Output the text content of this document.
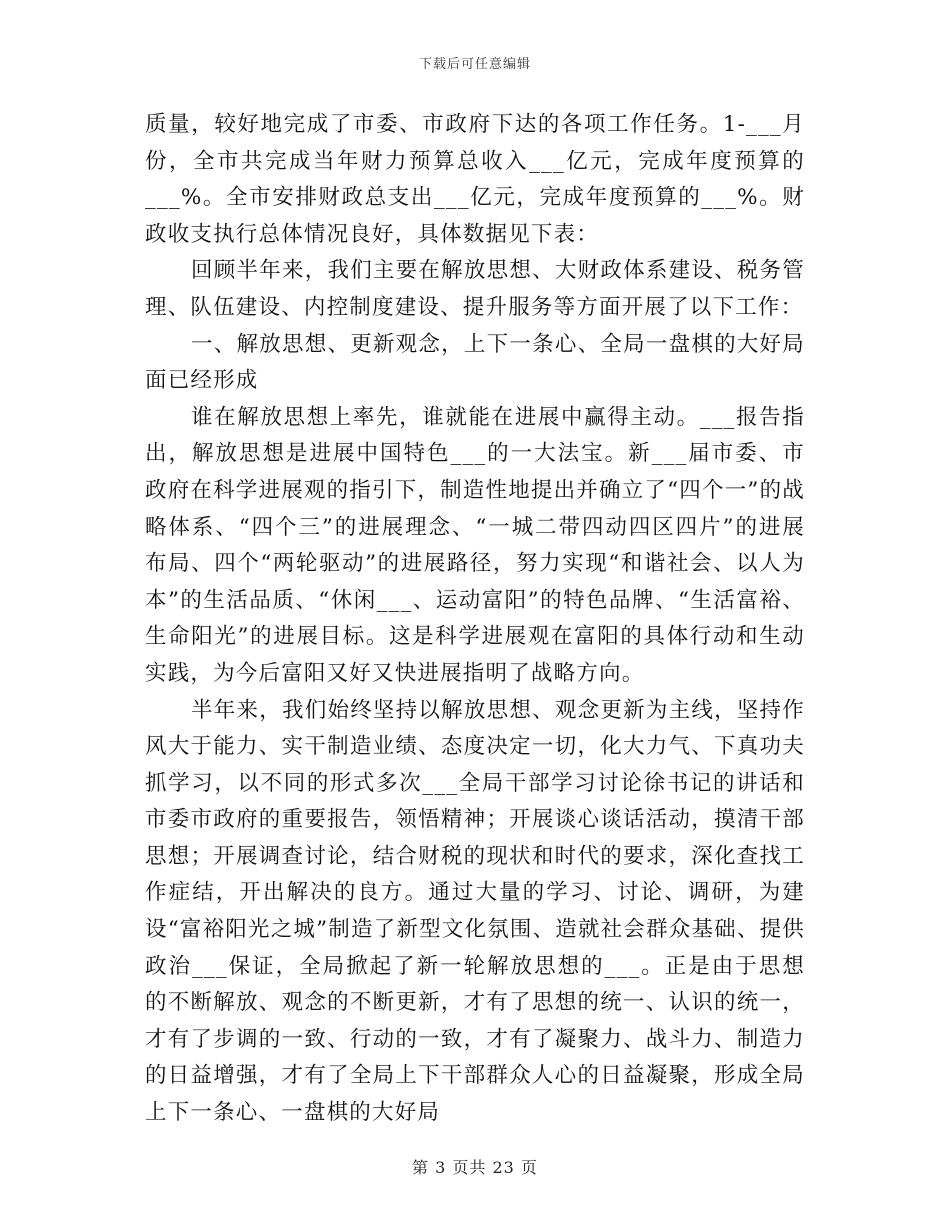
下载后可任意编辑

质量，较好地完成了市委、市政府下达的各项工作任务。1-___月份，全市共完成当年财力预算总收入___亿元，完成年度预算的___%。全市安排财政总支出___亿元，完成年度预算的___%。财政收支执行总体情况良好，具体数据见下表：

回顾半年来，我们主要在解放思想、大财政体系建设、税务管理、队伍建设、内控制度建设、提升服务等方面开展了以下工作：

一、解放思想、更新观念，上下一条心、全局一盘棋的大好局面已经形成

谁在解放思想上率先，谁就能在进展中赢得主动。___报告指出，解放思想是进展中国特色___的一大法宝。新___届市委、市政府在科学进展观的指引下，制造性地提出并确立了“四个一”的战略体系、“四个三”的进展理念、“一城二带四动四区四片”的进展布局、四个“两轮驱动”的进展路径，努力实现“和谐社会、以人为本”的生活品质、“休闲___、运动富阳”的特色品牌、“生活富裕、生命阳光”的进展目标。这是科学进展观在富阳的具体行动和生动实践，为今后富阳又好又快进展指明了战略方向。

半年来，我们始终坚持以解放思想、观念更新为主线，坚持作风大于能力、实干制造业绩、态度决定一切，化大力气、下真功夫抓学习，以不同的形式多次___全局干部学习讨论徐书记的讲话和市委市政府的重要报告，领悟精神；开展谈心谈话活动，摸清干部思想；开展调查讨论，结合财税的现状和时代的要求，深化查找工作症结，开出解决的良方。通过大量的学习、讨论、调研，为建设“富裕阳光之城”制造了新型文化氛围、造就社会群众基础、提供政治___保证，全局掀起了新一轮解放思想的___。正是由于思想的不断解放、观念的不断更新，才有了思想的统一、认识的统一，才有了步调的一致、行动的一致，才有了凝聚力、战斗力、制造力的日益增强，才有了全局上下干部群众人心的日益凝聚，形成全局上下一条心、一盘棋的大好局

第 3 页共 23 页
